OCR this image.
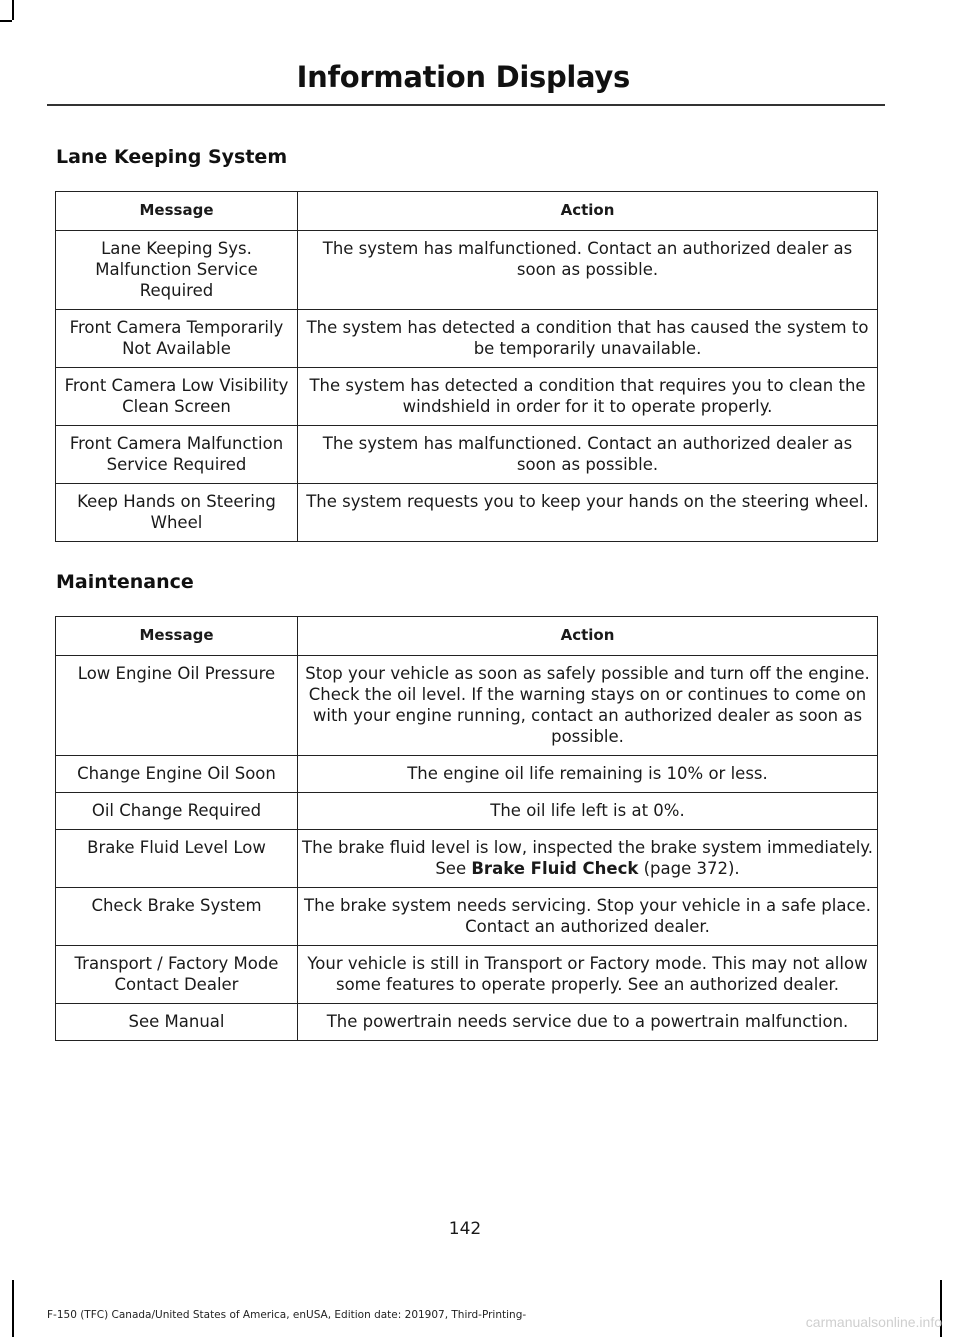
Information Displays
Lane Keeping System
Message	Action
Lane Keeping Sys. Malfunction Service Required	The system has malfunctioned. Contact an authorized dealer as soon as possible.
Front Camera Temporarily Not Available	The system has detected a condition that has caused the system to be temporarily unavailable.
Front Camera Low Visibility Clean Screen	The system has detected a condition that requires you to clean the windshield in order for it to operate properly.
Front Camera Malfunction Service Required	The system has malfunctioned. Contact an authorized dealer as soon as possible.
Keep Hands on Steering Wheel	The system requests you to keep your hands on the steering wheel.
Maintenance
Message	Action
Low Engine Oil Pressure	Stop your vehicle as soon as safely possible and turn off the engine. Check the oil level. If the warning stays on or continues to come on with your engine running, contact an authorized dealer as soon as possible.
Change Engine Oil Soon	The engine oil life remaining is 10% or less.
Oil Change Required	The oil life left is at 0%.
Brake Fluid Level Low	The brake fluid level is low, inspected the brake system immediately. See Brake Fluid Check (page 372).
Check Brake System	The brake system needs servicing. Stop your vehicle in a safe place. Contact an authorized dealer.
Transport / Factory Mode Contact Dealer	Your vehicle is still in Transport or Factory mode. This may not allow some features to operate properly. See an authorized dealer.
See Manual	The powertrain needs service due to a powertrain malfunction.
142
F-150 (TFC) Canada/United States of America, enUSA, Edition date: 201907, Third-Printing-	carmanualsonline.info
